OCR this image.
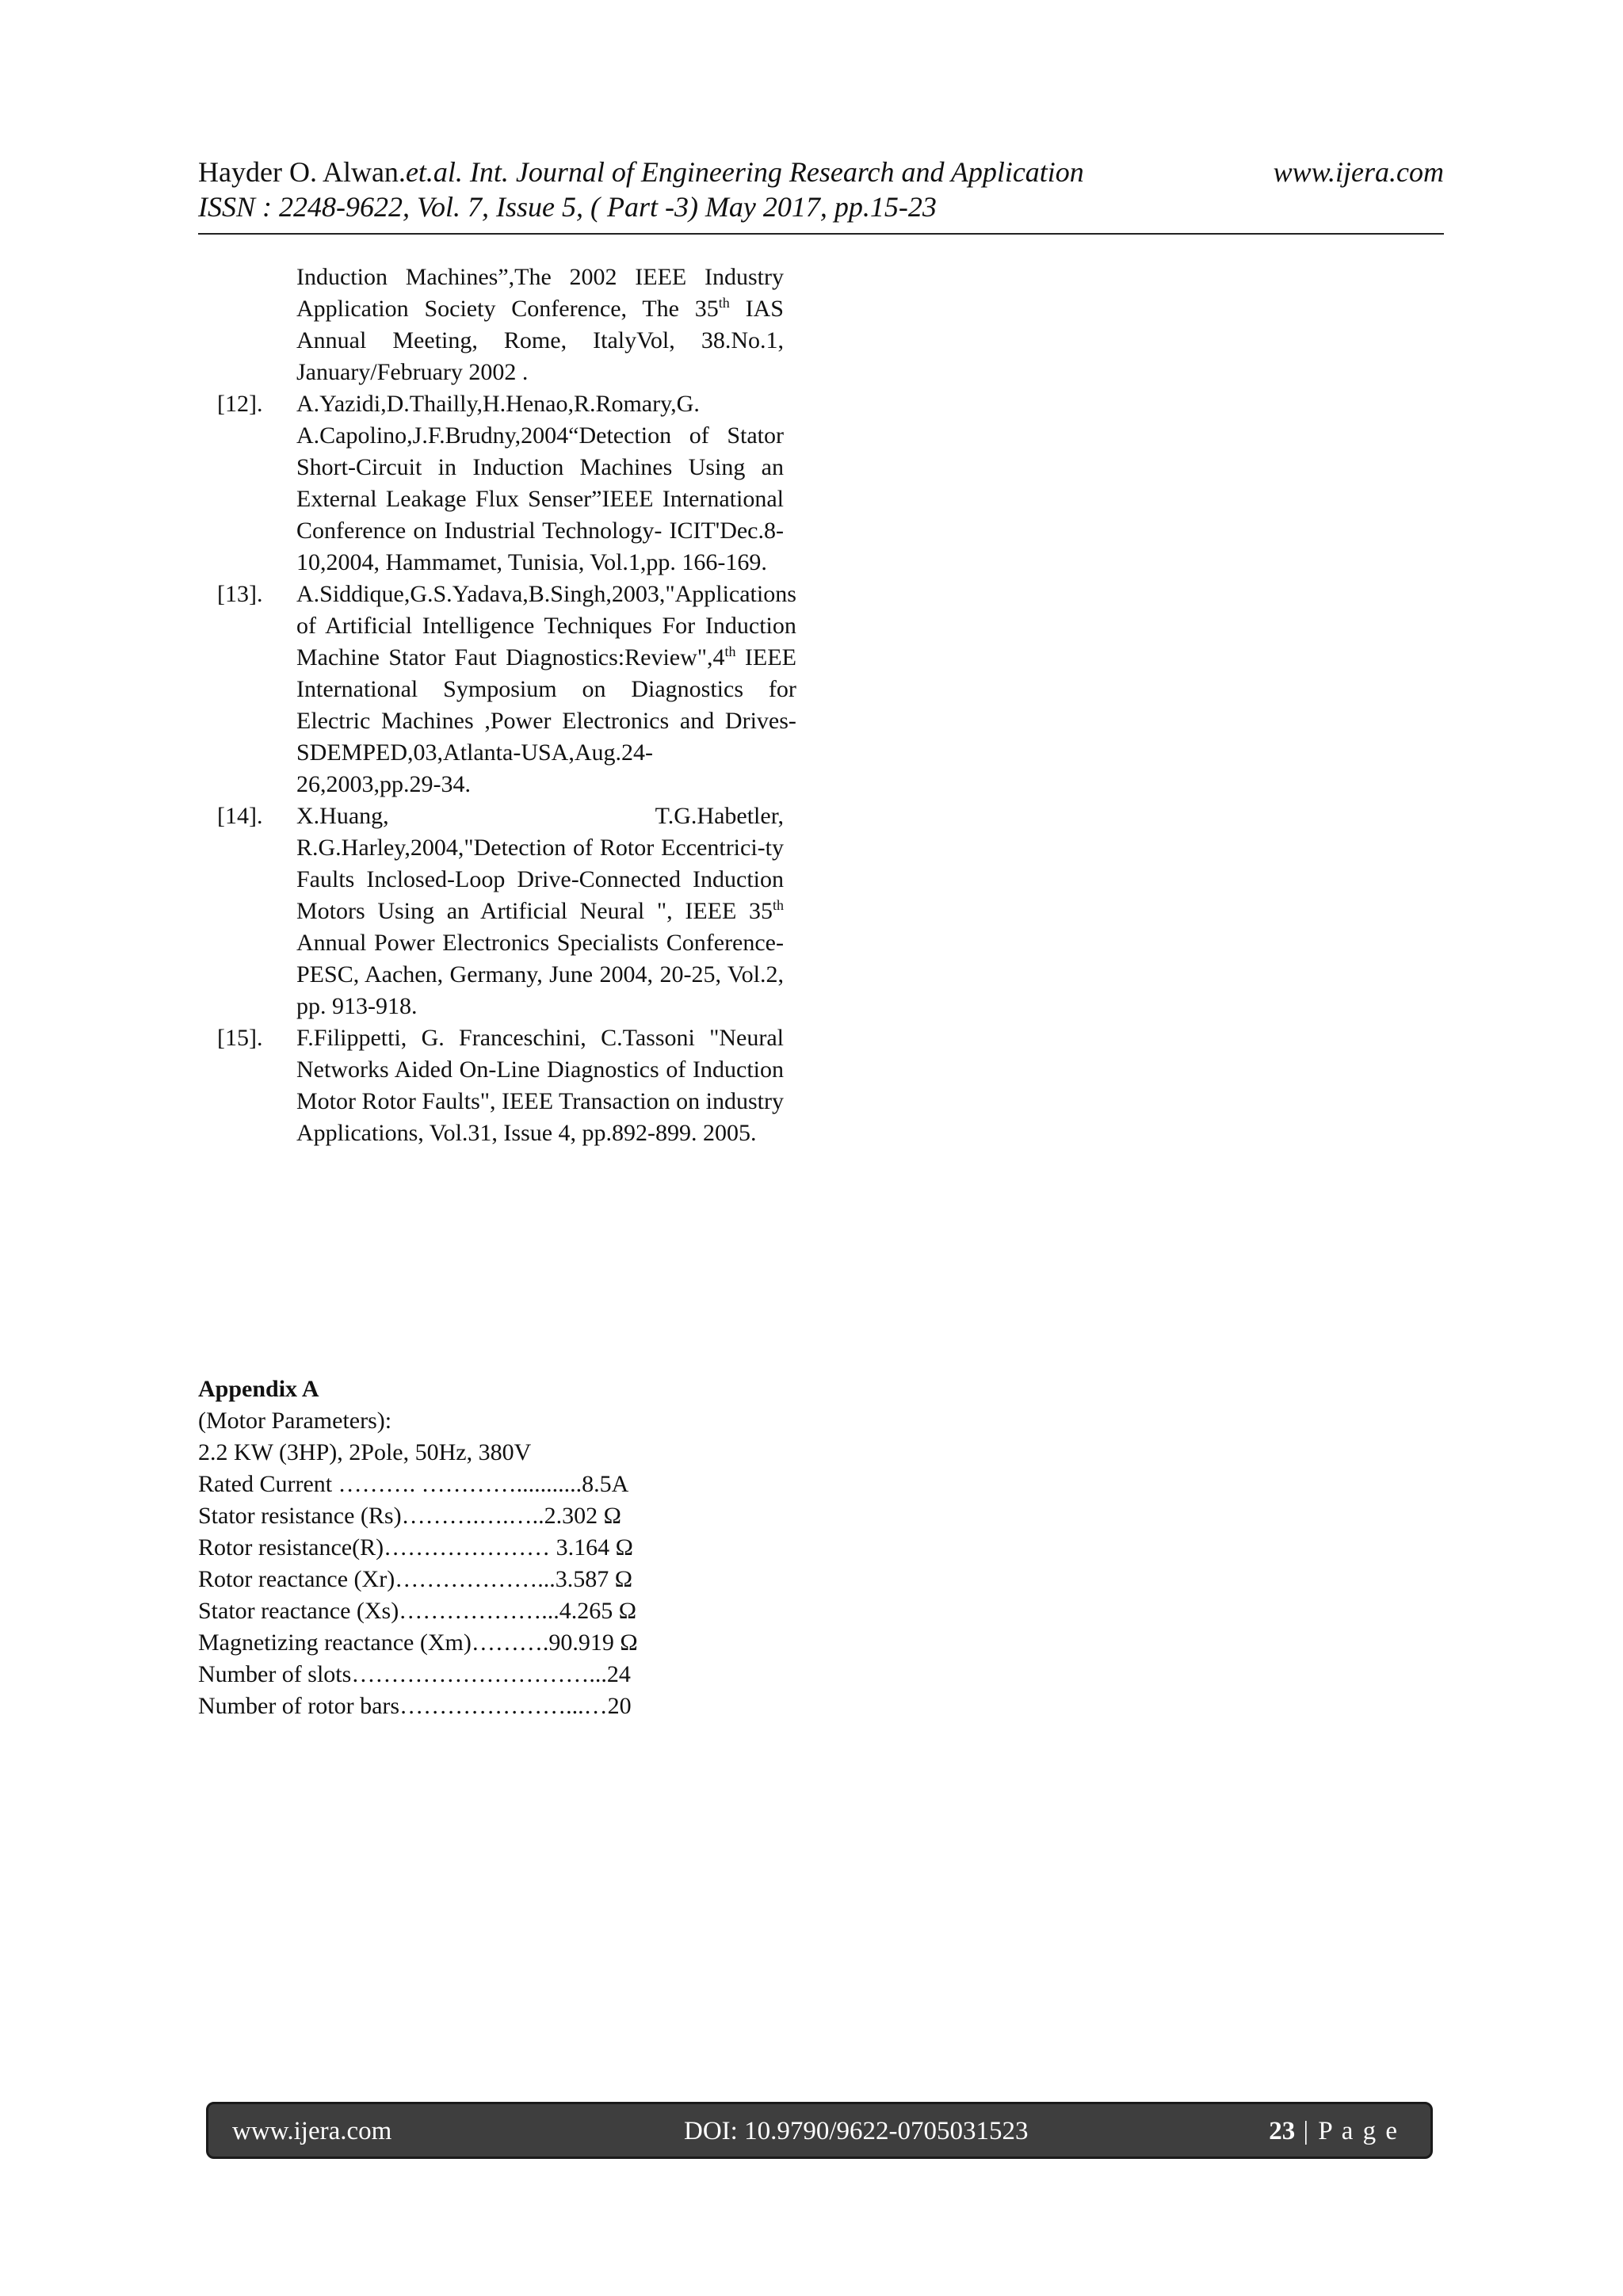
Hayder O. Alwan.et.al. Int. Journal of Engineering Research and Application	www.ijera.com
ISSN : 2248-9622, Vol. 7, Issue 5, ( Part -3) May 2017, pp.15-23
Induction Machines”,The 2002 IEEE Industry Application Society Conference, The 35th IAS Annual Meeting, Rome, ItalyVol, 38.No.1, January/February 2002 .
[12].	A.Yazidi,D.Thailly,H.Henao,R.Romary,G. A.Capolino,J.F.Brudny,2004“Detection of Stator Short-Circuit in Induction Machines Using an External Leakage Flux Senser”IEEE International Conference on Industrial Technology- ICIT'Dec.8-10,2004, Hammamet, Tunisia, Vol.1,pp. 166-169.
[13].	A.Siddique,G.S.Yadava,B.Singh,2003,"Applications of Artificial Intelligence Techniques For Induction Machine Stator Faut Diagnostics:Review",4th IEEE International Symposium on Diagnostics for Electric Machines ,Power Electronics and Drives-SDEMPED,03,Atlanta-USA,Aug.24-26,2003,pp.29-34.
[14].	X.Huang, T.G.Habetler, R.G.Harley,2004,"Detection of Rotor Eccentrici-ty Faults Inclosed-Loop Drive-Connected Induction Motors Using an Artificial Neural ", IEEE 35th Annual Power Electronics Specialists Conference-PESC, Aachen, Germany, June 2004, 20-25, Vol.2, pp. 913-918.
[15].	F.Filippetti, G. Franceschini, C.Tassoni "Neural Networks Aided On-Line Diagnostics of Induction Motor Rotor Faults", IEEE Transaction on industry Applications, Vol.31, Issue 4, pp.892-899. 2005.
Appendix A
(Motor Parameters):
2.2 KW (3HP), 2Pole, 50Hz, 380V
Rated Current ………. …………...........8.5A
Stator resistance (Rs)……….….…..2.302 Ω
Rotor resistance(R)………………… 3.164 Ω
Rotor reactance (Xr)………………...3.587 Ω
Stator reactance (Xs)………………...4.265 Ω
Magnetizing reactance (Xm)……….90.919 Ω
Number of slots…………………………...24
Number of rotor bars…………………...…20
www.ijera.com	DOI: 10.9790/9622-0705031523	23 | P a g e
